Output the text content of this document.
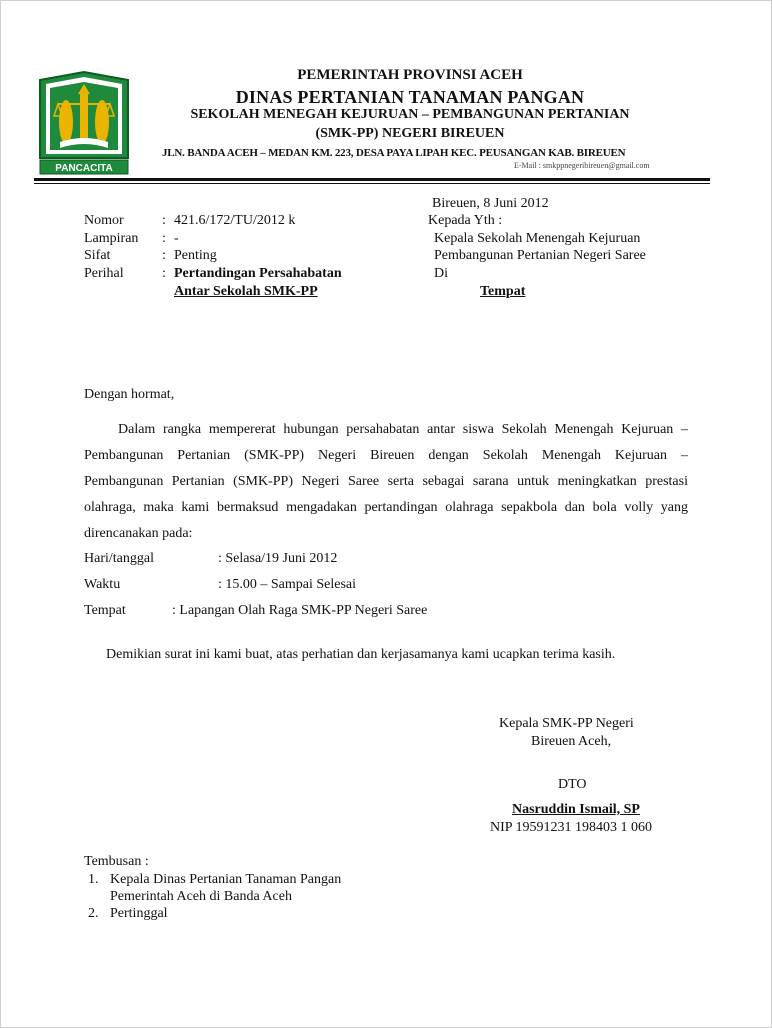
PANCACITA
PEMERINTAH PROVINSI ACEH
DINAS PERTANIAN TANAMAN PANGAN
SEKOLAH MENEGAH KEJURUAN – PEMBANGUNAN PERTANIAN
(SMK-PP) NEGERI BIREUEN
JLN. BANDA ACEH – MEDAN KM. 223, DESA PAYA LIPAH KEC. PEUSANGAN KAB. BIREUEN
E-Mail : smkppnegeribireuen@gmail.com
Bireuen, 8 Juni 2012
Nomor	: 421.6/172/TU/2012 k
Lampiran : -
Sifat	: Penting
Perihal	: Pertandingan Persahabatan
Antar Sekolah SMK-PP
Kepada Yth :
Kepala Sekolah Menengah Kejuruan
Pembangunan Pertanian Negeri Saree
Di
Tempat
Dengan hormat,
Dalam rangka mempererat hubungan persahabatan antar siswa Sekolah Menengah Kejuruan –
Pembangunan Pertanian (SMK-PP) Negeri Bireuen dengan Sekolah Menengah Kejuruan –
Pembangunan Pertanian (SMK-PP) Negeri Saree serta sebagai sarana untuk meningkatkan prestasi
olahraga, maka kami bermaksud mengadakan pertandingan olahraga sepakbola dan bola volly yang
direncanakan pada:
Hari/tanggal	: Selasa/19 Juni 2012
Waktu	: 15.00 – Sampai Selesai
Tempat	: Lapangan Olah Raga SMK-PP Negeri Saree
Demikian surat ini kami buat, atas perhatian dan kerjasamanya kami ucapkan terima kasih.
Kepala SMK-PP Negeri
Bireuen Aceh,
DTO
Nasruddin Ismail, SP
NIP 19591231 198403 1 060
Tembusan :
1. Kepala Dinas Pertanian Tanaman Pangan
Pemerintah Aceh di Banda Aceh
2. Pertinggal
